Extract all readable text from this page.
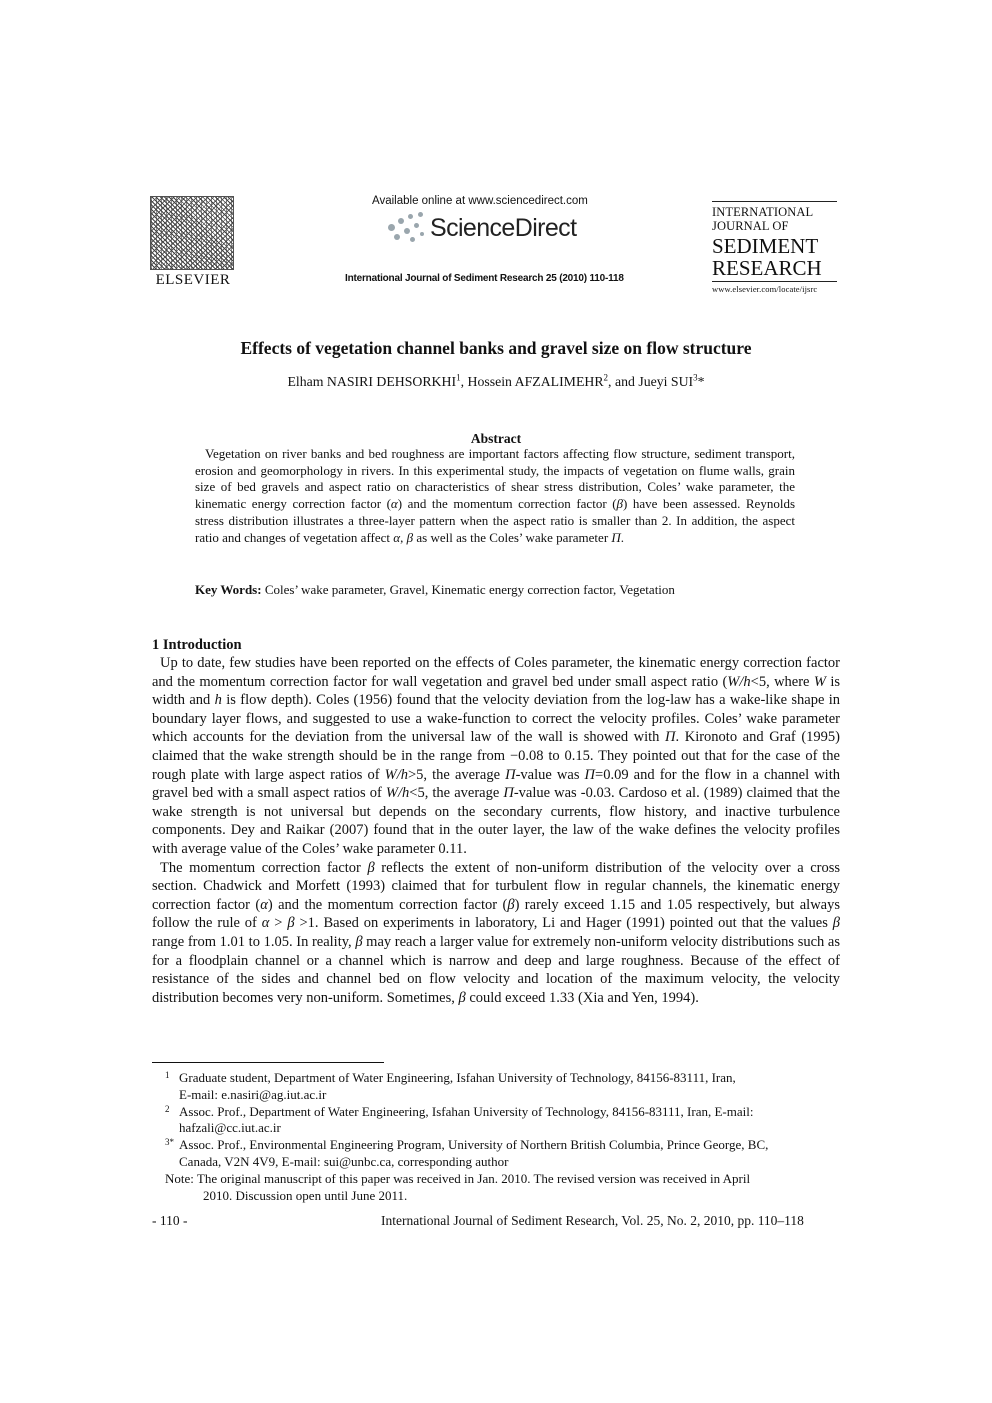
ELSEVIER
Available online at www.sciencedirect.com
ScienceDirect
International Journal of Sediment Research 25 (2010) 110-118
INTERNATIONAL
JOURNAL OF
SEDIMENT
RESEARCH
www.elsevier.com/locate/ijsrc
Effects of vegetation channel banks and gravel size on flow structure
Elham NASIRI DEHSORKHI$^1$, Hossein AFZALIMEHR$^2$, and Jueyi SUI$^3$*
Abstract
Vegetation on river banks and bed roughness are important factors affecting flow structure, sediment transport, erosion and geomorphology in rivers. In this experimental study, the impacts of vegetation on flume walls, grain size of bed gravels and aspect ratio on characteristics of shear stress distribution, Coles’ wake parameter, the kinematic energy correction factor (α) and the momentum correction factor (β) have been assessed. Reynolds stress distribution illustrates a three-layer pattern when the aspect ratio is smaller than 2. In addition, the aspect ratio and changes of vegetation affect α, β as well as the Coles’ wake parameter Π.
Key Words: Coles’ wake parameter, Gravel, Kinematic energy correction factor, Vegetation
1 Introduction

Up to date, few studies have been reported on the effects of Coles parameter, the kinematic energy correction factor and the momentum correction factor for wall vegetation and gravel bed under small aspect ratio (W/h<5, where W is width and h is flow depth). Coles (1956) found that the velocity deviation from the log-law has a wake-like shape in boundary layer flows, and suggested to use a wake-function to correct the velocity profiles. Coles’ wake parameter which accounts for the deviation from the universal law of the wall is showed with Π. Kironoto and Graf (1995) claimed that the wake strength should be in the range from −0.08 to 0.15. They pointed out that for the case of the rough plate with large aspect ratios of W/h>5, the average Π-value was Π=0.09 and for the flow in a channel with gravel bed with a small aspect ratios of W/h<5, the average Π-value was -0.03. Cardoso et al. (1989) claimed that the wake strength is not universal but depends on the secondary currents, flow history, and inactive turbulence components. Dey and Raikar (2007) found that in the outer layer, the law of the wake defines the velocity profiles with average value of the Coles’ wake parameter 0.11.

The momentum correction factor β reflects the extent of non-uniform distribution of the velocity over a cross section. Chadwick and Morfett (1993) claimed that for turbulent flow in regular channels, the kinematic energy correction factor (α) and the momentum correction factor (β) rarely exceed 1.15 and 1.05 respectively, but always follow the rule of α > β >1. Based on experiments in laboratory, Li and Hager (1991) pointed out that the values β range from 1.01 to 1.05. In reality, β may reach a larger value for extremely non-uniform velocity distributions such as for a floodplain channel or a channel which is narrow and deep and large roughness. Because of the effect of resistance of the sides and channel bed on flow velocity and location of the maximum velocity, the velocity distribution becomes very non-uniform. Sometimes, β could exceed 1.33 (Xia and Yen, 1994).

1 Graduate student, Department of Water Engineering, Isfahan University of Technology, 84156-83111, Iran,
E-mail: e.nasiri@ag.iut.ac.ir
2 Assoc. Prof., Department of Water Engineering, Isfahan University of Technology, 84156-83111, Iran, E-mail:
hafzali@cc.iut.ac.ir
3* Assoc. Prof., Environmental Engineering Program, University of Northern British Columbia, Prince George, BC,
Canada, V2N 4V9, E-mail: sui@unbc.ca, corresponding author
Note: The original manuscript of this paper was received in Jan. 2010. The revised version was received in April
2010. Discussion open until June 2011.
- 110 -	International Journal of Sediment Research, Vol. 25, No. 2, 2010, pp. 110–118
